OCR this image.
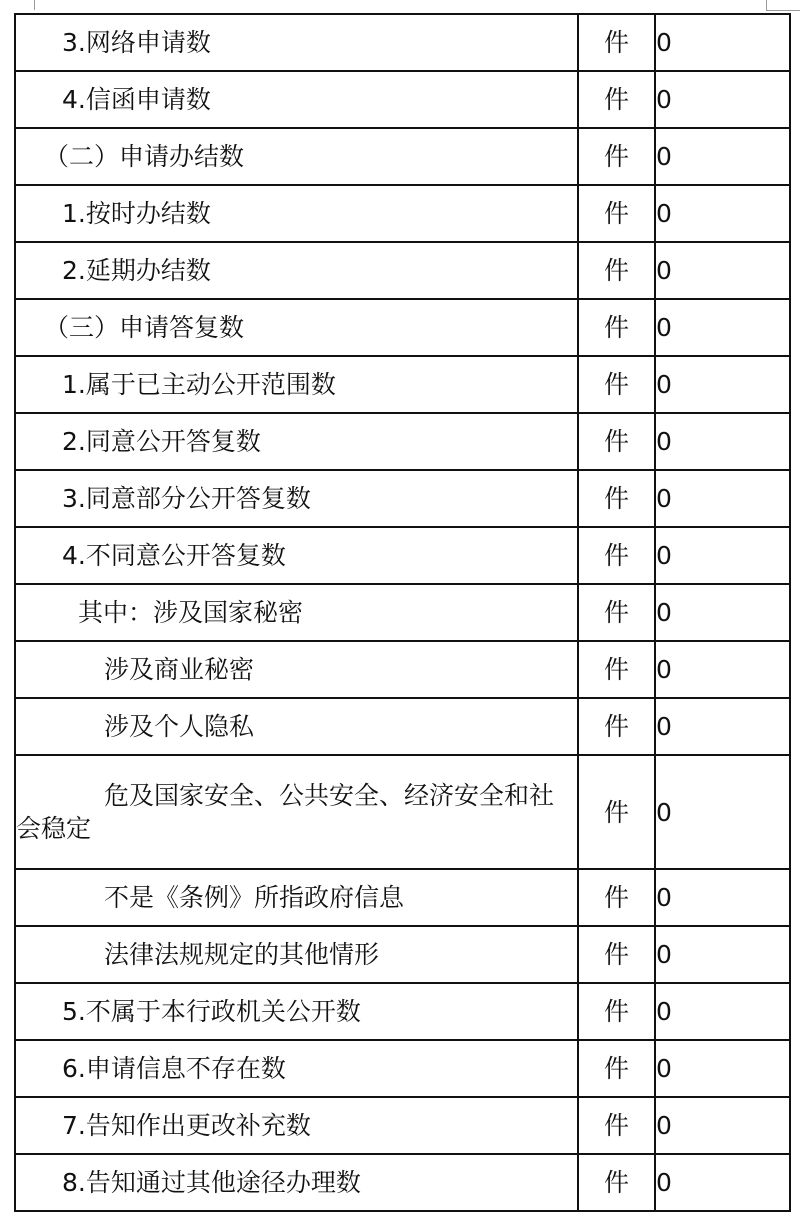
3.网络申请数	件	0
4.信函申请数	件	0
（二）申请办结数	件	0
1.按时办结数	件	0
2.延期办结数	件	0
（三）申请答复数	件	0
1.属于已主动公开范围数	件	0
2.同意公开答复数	件	0
3.同意部分公开答复数	件	0
4.不同意公开答复数	件	0
其中：涉及国家秘密	件	0
涉及商业秘密	件	0
涉及个人隐私	件	0
危及国家安全、公共安全、经济安全和社会稳定	件	0
不是《条例》所指政府信息	件	0
法律法规规定的其他情形	件	0
5.不属于本行政机关公开数	件	0
6.申请信息不存在数	件	0
7.告知作出更改补充数	件	0
8.告知通过其他途径办理数	件	0
